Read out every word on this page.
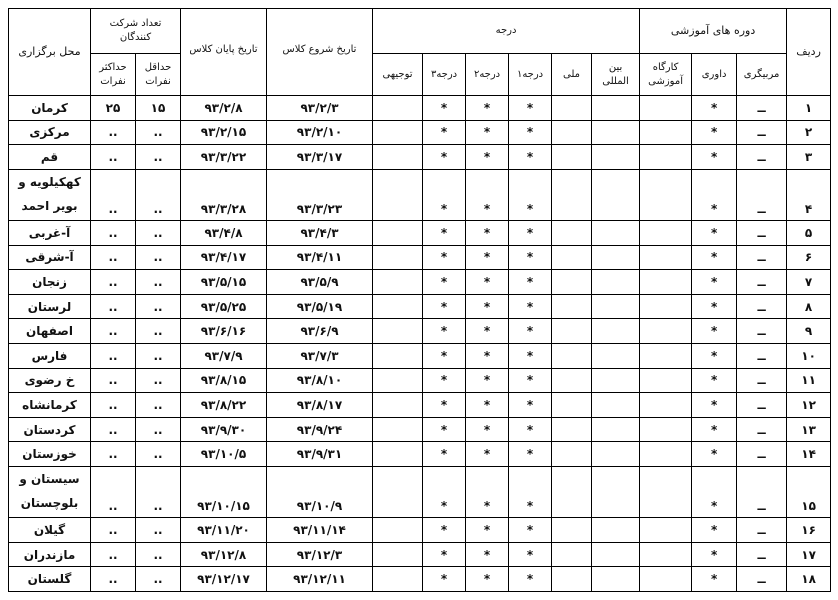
ردیف	دوره های آموزشی			درجه						تاریخ شروع کلاس	تاریخ پایان کلاس	تعداد شرکت کنندگان		محل برگزاری
	مربیگری	داوری	کارگاه آموزشی	بین المللی	ملی	درجه۱	درجه۲	درجه۳	توجیهی			حداقل نفرات	حداکثر نفرات	
۱	ــ	*				*	*	*		۹۳/۲/۳	۹۳/۲/۸	۱۵	۲۵	کرمان
۲	ــ	*				*	*	*		۹۳/۲/۱۰	۹۳/۲/۱۵	..	..	مرکزی
۳	ــ	*				*	*	*		۹۳/۳/۱۷	۹۳/۳/۲۲	..	..	قم
۴	ــ	*				*	*	*		۹۳/۳/۲۳	۹۳/۳/۲۸	..	..	کهکیلویه و بویر احمد
۵	ــ	*				*	*	*		۹۳/۴/۳	۹۳/۴/۸	..	..	آ-غربی
۶	ــ	*				*	*	*		۹۳/۴/۱۱	۹۳/۴/۱۷	..	..	آ-شرقی
۷	ــ	*				*	*	*		۹۳/۵/۹	۹۳/۵/۱۵	..	..	زنجان
۸	ــ	*				*	*	*		۹۳/۵/۱۹	۹۳/۵/۲۵	..	..	لرستان
۹	ــ	*				*	*	*		۹۳/۶/۹	۹۳/۶/۱۶	..	..	اصفهان
۱۰	ــ	*				*	*	*		۹۳/۷/۳	۹۳/۷/۹	..	..	فارس
۱۱	ــ	*				*	*	*		۹۳/۸/۱۰	۹۳/۸/۱۵	..	..	خ رضوی
۱۲	ــ	*				*	*	*		۹۳/۸/۱۷	۹۳/۸/۲۲	..	..	کرمانشاه
۱۳	ــ	*				*	*	*		۹۳/۹/۲۴	۹۳/۹/۳۰	..	..	کردستان
۱۴	ــ	*				*	*	*		۹۳/۹/۳۱	۹۳/۱۰/۵	..	..	خوزستان
۱۵	ــ	*				*	*	*		۹۳/۱۰/۹	۹۳/۱۰/۱۵	..	..	سیستان و بلوچستان
۱۶	ــ	*				*	*	*		۹۳/۱۱/۱۴	۹۳/۱۱/۲۰	..	..	گیلان
۱۷	ــ	*				*	*	*		۹۳/۱۲/۳	۹۳/۱۲/۸	..	..	مازندران
۱۸	ــ	*				*	*	*		۹۳/۱۲/۱۱	۹۳/۱۲/۱۷	..	..	گلستان
